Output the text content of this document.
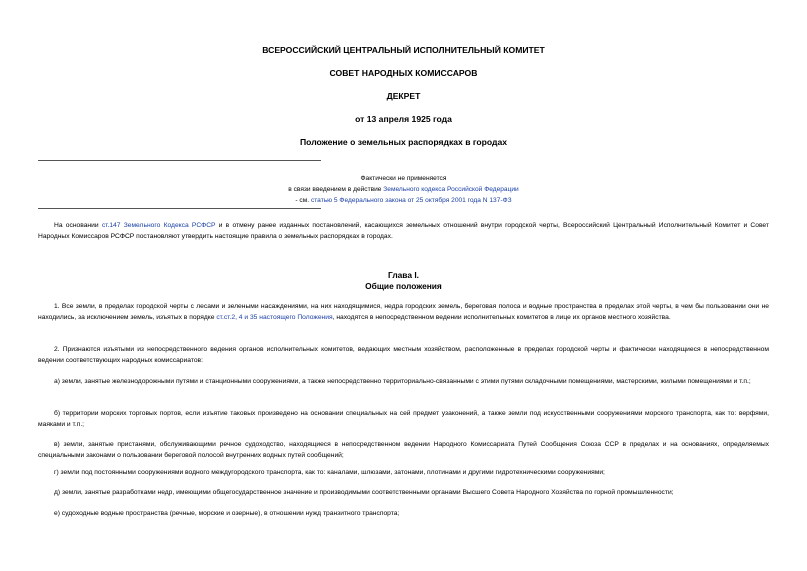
ВСЕРОССИЙСКИЙ ЦЕНТРАЛЬНЫЙ ИСПОЛНИТЕЛЬНЫЙ КОМИТЕТ
СОВЕТ НАРОДНЫХ КОМИССАРОВ
ДЕКРЕТ
от 13 апреля 1925 года
Положение о земельных распорядках в городах
Фактически не применяется
в связи введением в действие Земельного кодекса Российской Федерации
- см. статью 5 Федерального закона от 25 октября 2001 года N 137-ФЗ
На основании ст.147 Земельного Кодекса РСФСР и в отмену ранее изданных постановлений, касающихся земельных отношений внутри городской черты, Всероссийский Центральный Исполнительный Комитет и Совет Народных Комиссаров РСФСР постановляют утвердить настоящие правила о земельных распорядках в городах.
Глава I.
Общие положения
1. Все земли, в пределах городской черты с лесами и зелеными насаждениями, на них находящимися, недра городских земель, береговая полоса и водные пространства в пределах этой черты, в чем бы пользовании они не находились, за исключением земель, изъятых в порядке ст.ст.2, 4 и 35 настоящего Положения, находятся в непосредственном ведении исполнительных комитетов в лице их органов местного хозяйства.
2. Признаются изъятыми из непосредственного ведения органов исполнительных комитетов, ведающих местным хозяйством, расположенные в пределах городской черты и фактически находящиеся в непосредственном ведении соответствующих народных комиссариатов:
а) земли, занятые железнодорожными путями и станционными сооружениями, а также непосредственно территориально-связанными с этими путями складочными помещениями, мастерскими, жилыми помещениями и т.п.;
б) территории морских торговых портов, если изъятие таковых произведено на основании специальных на сей предмет узаконений, а также земли под искусственными сооружениями морского транспорта, как то: верфями, маяками и т.п.;
в) земли, занятые пристанями, обслуживающими речное судоходство, находящиеся в непосредственном ведении Народного Комиссариата Путей Сообщения Союза ССР в пределах и на основаниях, определяемых специальными законами о пользовании береговой полосой внутренних водных путей сообщений;
г) земли под постоянными сооружениями водного междугородского транспорта, как то: каналами, шлюзами, затонами, плотинами и другими гидротехническими сооружениями;
д) земли, занятые разработками недр, имеющими общегосударственное значение и производимыми соответственными органами Высшего Совета Народного Хозяйства по горной промышленности;
е) судоходные водные пространства (речные, морские и озерные), в отношении нужд транзитного транспорта;
